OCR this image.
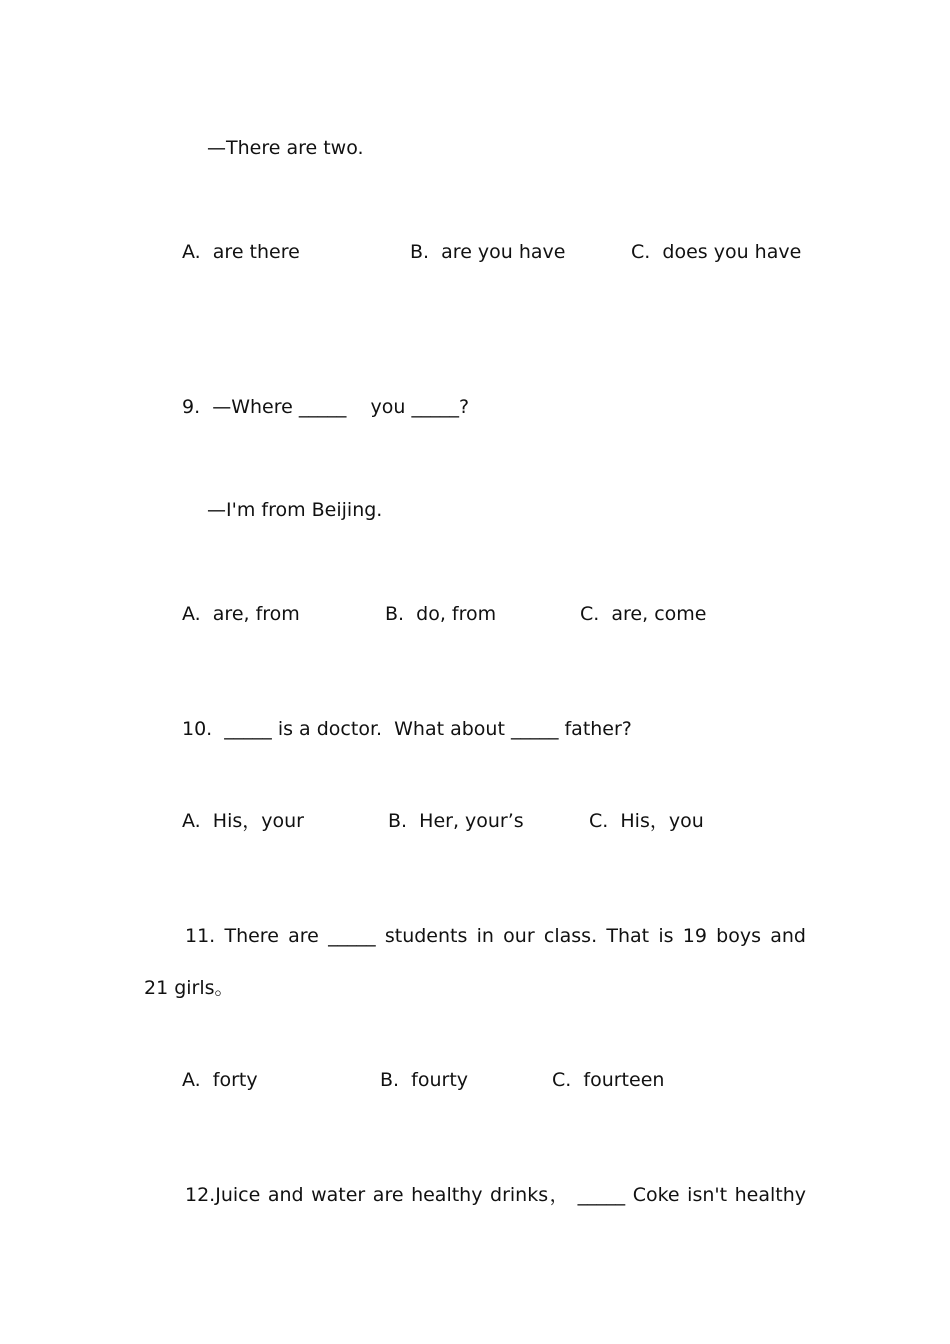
—There are two.
A.  are there	B.  are you have	C.  does you have
9.  —Where _____    you _____?
—I'm from Beijing.
A.  are, from	B.  do, from	C.  are, come
10.  _____ is a doctor.  What about _____ father?
A.  His，your	B.  Her, your’s	C.  His，you
11. There are _____ students in our class. That is 19 boys and
21 girls。
A.  forty	B.  fourty	C.  fourteen
12.Juice and water are healthy drinks， _____ Coke isn't healthy
